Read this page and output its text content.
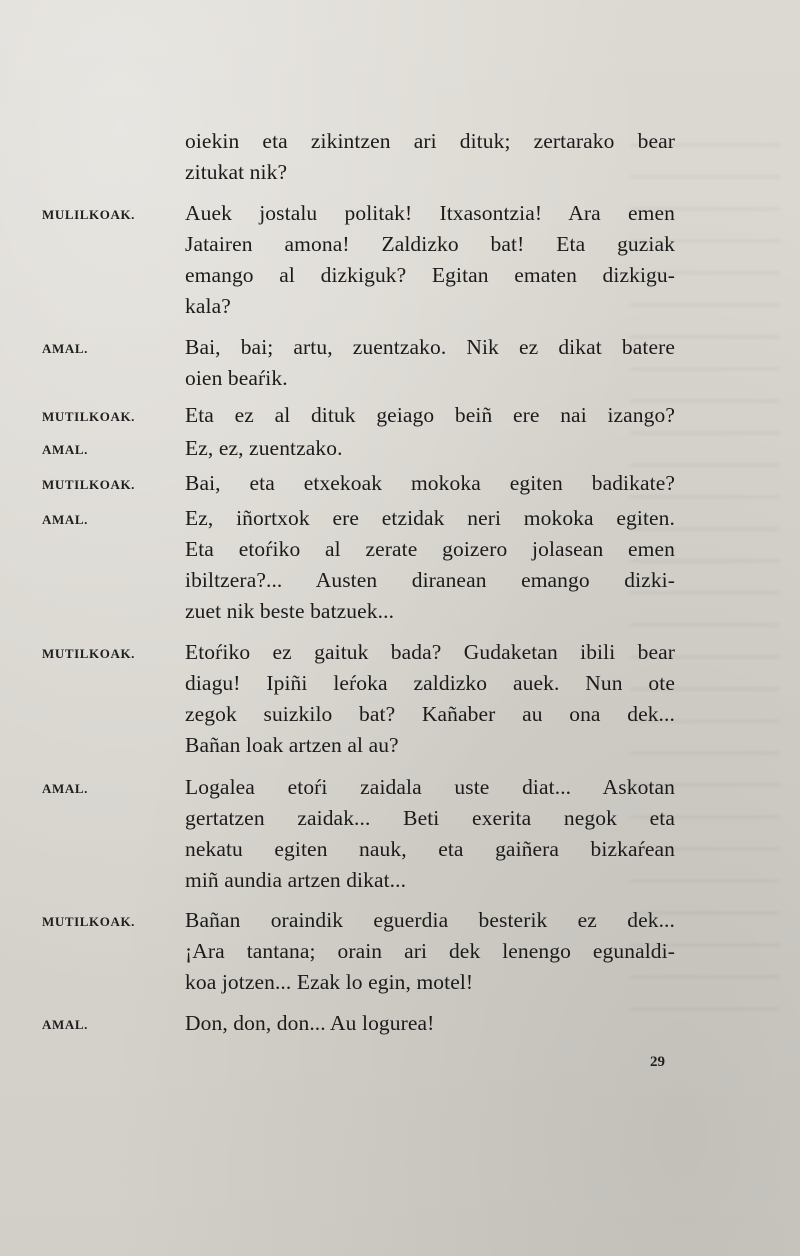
oiekin eta zikintzen ari dituk; zertarako bear
zitukat nik?
MULILKOAK. Auek jostalu politak! Itxasontzia! Ara emen
Jatairen amona! Zaldizko bat! Eta guziak
emango al dizkiguk? Egitan ematen dizkigu-
kala?
AMAL.	Bai, bai; artu, zuentzako. Nik ez dikat batere
oien beaŕik.
MUTILKOAK. Eta ez al dituk geiago beiñ ere nai izango?
AMAL.	Ez, ez, zuentzako.
MUTILKOAK. Bai, eta etxekoak mokoka egiten badikate?
AMAL.	Ez, iñortxok ere etzidak neri mokoka egiten.
Eta etoŕiko al zerate goizero jolasean emen
ibiltzera?... Austen diranean emango dizki-
zuet nik beste batzuek...
MUTILKOAK. Etoŕiko ez gaituk bada? Gudaketan ibili bear
diagu! Ipiñi leŕoka zaldizko auek. Nun ote
zegok suizkilo bat? Kañaber au ona dek...
Bañan loak artzen al au?
AMAL.	Logalea etoŕi zaidala uste diat... Askotan
gertatzen zaidak... Beti exerita negok eta
nekatu egiten nauk, eta gaiñera bizkaŕean
miñ aundia artzen dikat...
MUTILKOAK. Bañan oraindik eguerdia besterik ez dek...
¡Ara tantana; orain ari dek lenengo egunaldi-
koa jotzen... Ezak lo egin, motel!
AMAL.	Don, don, don... Au logurea!
29
